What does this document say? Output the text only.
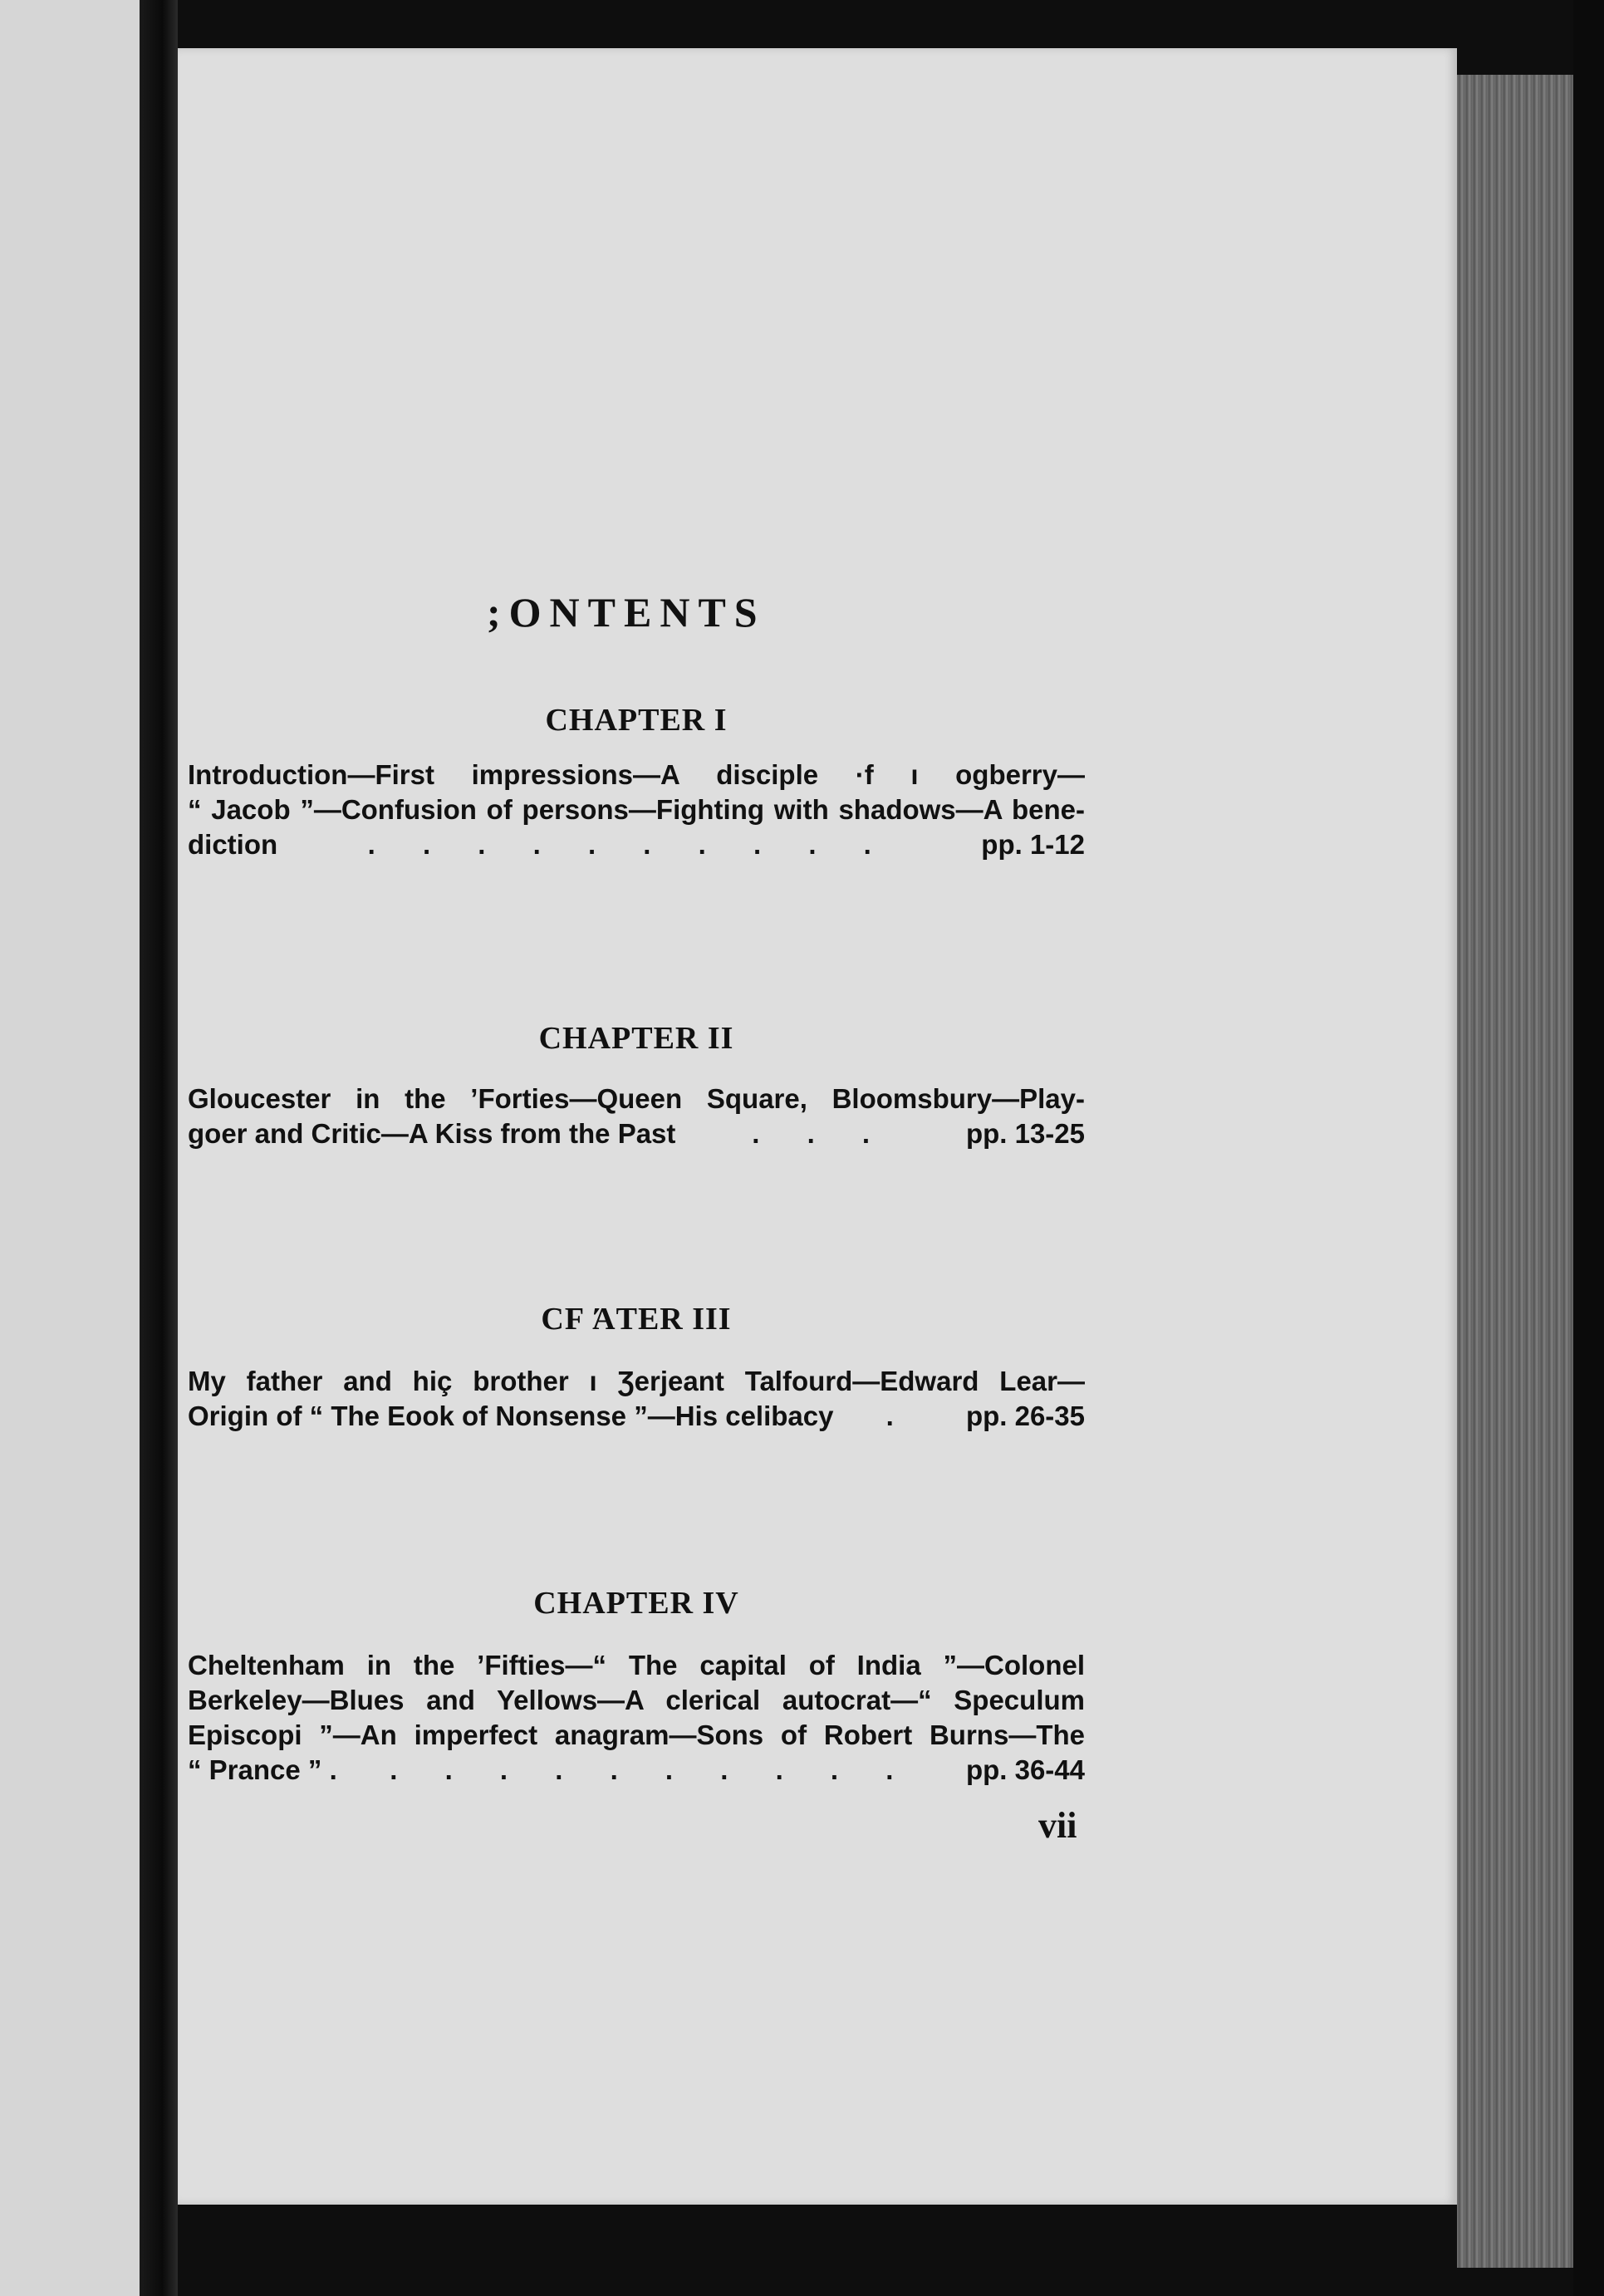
;ONTENTS
CHAPTER I
Introduction—First impressions—A disciple ·f ı ogberry—
“ Jacob ”—Confusion of persons—Fighting with shadows—A bene-
diction	. . . . . . . . . .	pp. 1-12
CHAPTER II
Gloucester in the ’Forties—Queen Square, Bloomsbury—Play-
goer and Critic—A Kiss from the Past	. . .	pp. 13-25
CF ΆTER III
My father and hiç brother ı Ʒerjeant Talfourd—Edward Lear—
Origin of “ The Eook of Nonsense ”—His celibacy	.	pp. 26-35
CHAPTER IV
Cheltenham in the ’Fifties—“ The capital of India ”—Colonel
Berkeley—Blues and Yellows—A clerical autocrat—“ Speculum
Episcopi ”—An imperfect anagram—Sons of Robert Burns—The
“ Prance ” .	. . . . . . . . . .	pp. 36-44
vii
